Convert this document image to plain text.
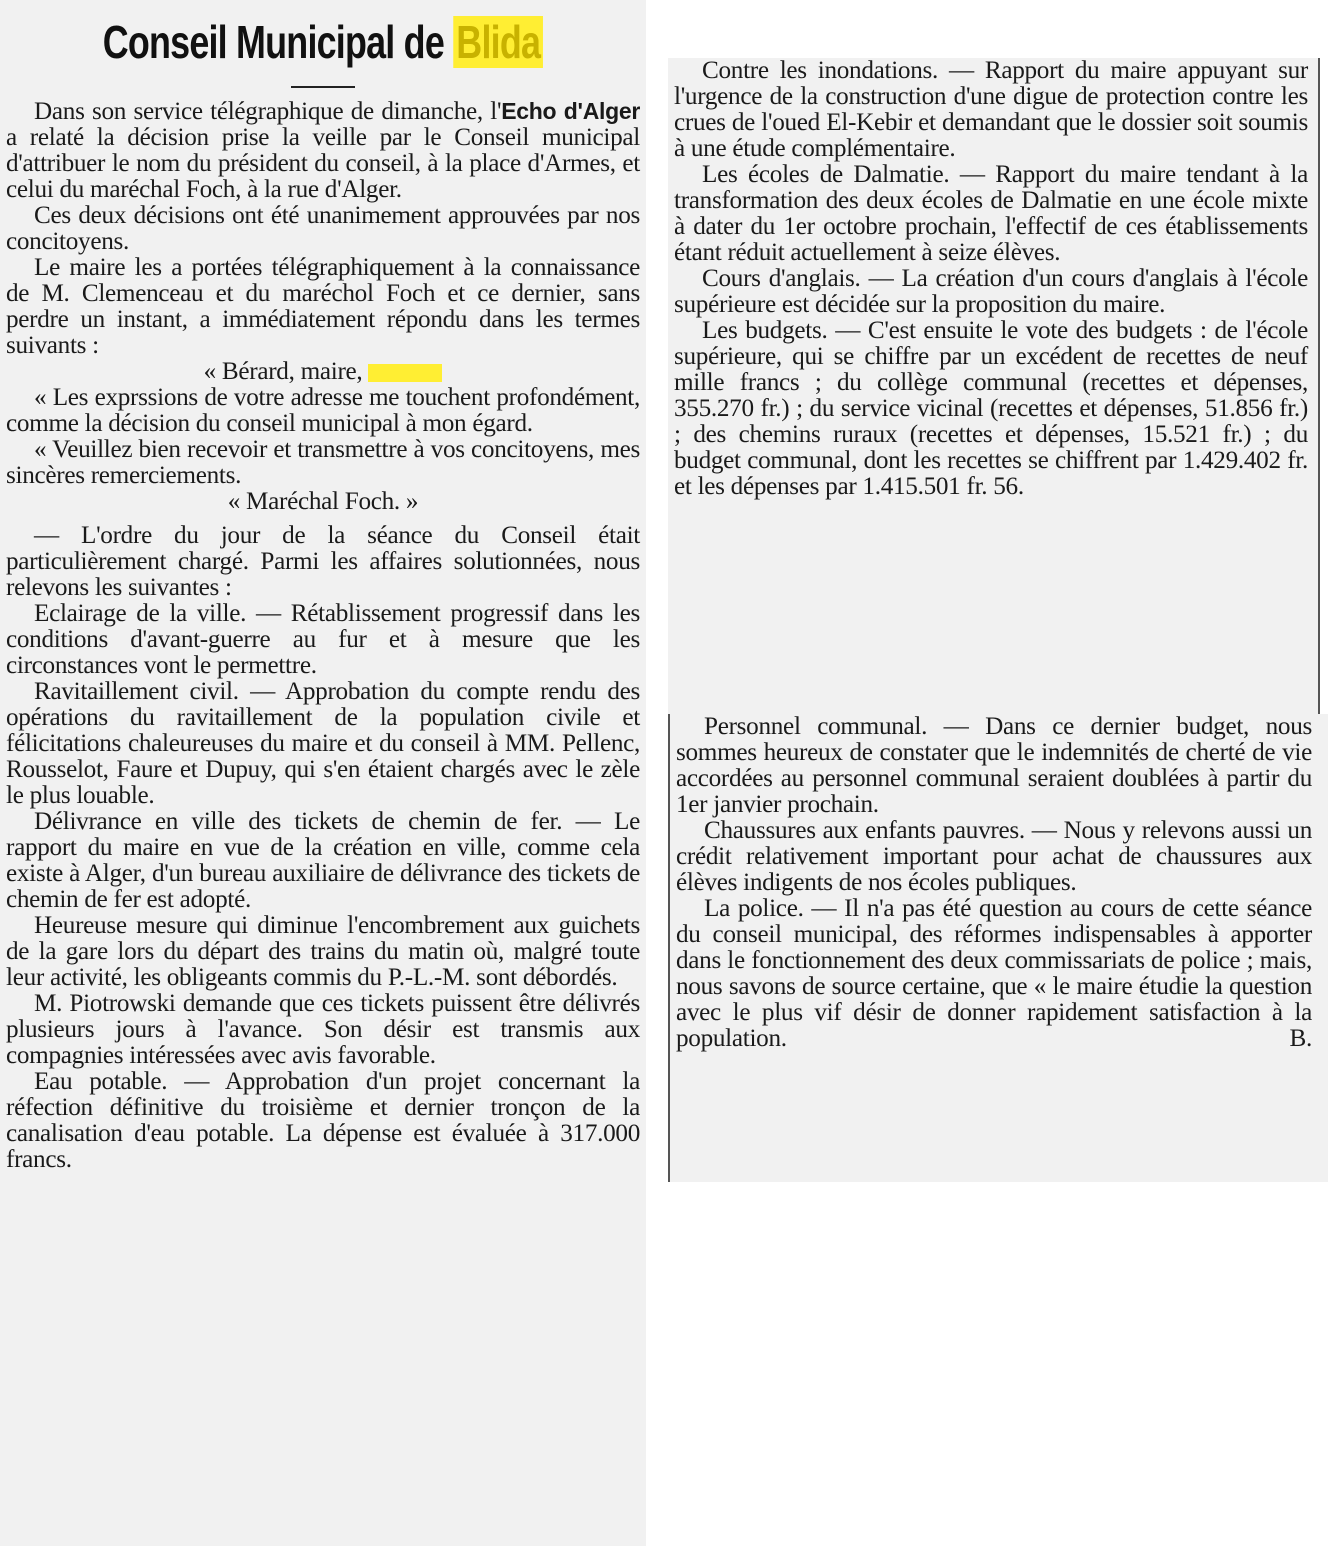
Conseil Municipal de Blida

Dans son service télégraphique de dimanche, l'Echo d'Alger a relaté la décision prise la veille par le Conseil municipal d'attribuer le nom du président du conseil, à la place d'Armes, et celui du maréchal Foch, à la rue d'Alger.

Ces deux décisions ont été unanimement approuvées par nos concitoyens.

Le maire les a portées télégraphiquement à la connaissance de M. Clemenceau et du maréchol Foch et ce dernier, sans perdre un instant, a immédiatement répondu dans les termes suivants :

« Bérard, maire,

« Les exprssions de votre adresse me touchent profondément, comme la décision du conseil municipal à mon égard.

« Veuillez bien recevoir et transmettre à vos concitoyens, mes sincères remerciements.

« Maréchal Foch. »

— L'ordre du jour de la séance du Conseil était particulièrement chargé. Parmi les affaires solutionnées, nous relevons les suivantes :

Eclairage de la ville. — Rétablissement progressif dans les conditions d'avant-guerre au fur et à mesure que les circonstances vont le permettre.

Ravitaillement civil. — Approbation du compte rendu des opérations du ravitaillement de la population civile et félicitations chaleureuses du maire et du conseil à MM. Pellenc, Rousselot, Faure et Dupuy, qui s'en étaient chargés avec le zèle le plus louable.

Délivrance en ville des tickets de chemin de fer. — Le rapport du maire en vue de la création en ville, comme cela existe à Alger, d'un bureau auxiliaire de délivrance des tickets de chemin de fer est adopté.

Heureuse mesure qui diminue l'encombrement aux guichets de la gare lors du départ des trains du matin où, malgré toute leur activité, les obligeants commis du P.-L.-M. sont débordés.

M. Piotrowski demande que ces tickets puissent être délivrés plusieurs jours à l'avance. Son désir est transmis aux compagnies intéressées avec avis favorable.

Eau potable. — Approbation d'un projet concernant la réfection définitive du troisième et dernier tronçon de la canalisation d'eau potable. La dépense est évaluée à 317.000 francs.

Contre les inondations. — Rapport du maire appuyant sur l'urgence de la construction d'une digue de protection contre les crues de l'oued El-Kebir et demandant que le dossier soit soumis à une étude complémentaire.

Les écoles de Dalmatie. — Rapport du maire tendant à la transformation des deux écoles de Dalmatie en une école mixte à dater du 1er octobre prochain, l'effectif de ces établissements étant réduit actuellement à seize élèves.

Cours d'anglais. — La création d'un cours d'anglais à l'école supérieure est décidée sur la proposition du maire.

Les budgets. — C'est ensuite le vote des budgets : de l'école supérieure, qui se chiffre par un excédent de recettes de neuf mille francs ; du collège communal (recettes et dépenses, 355.270 fr.) ; du service vicinal (recettes et dépenses, 51.856 fr.) ; des chemins ruraux (recettes et dépenses, 15.521 fr.) ; du budget communal, dont les recettes se chiffrent par 1.429.402 fr. et les dépenses par 1.415.501 fr. 56.

Personnel communal. — Dans ce dernier budget, nous sommes heureux de constater que le indemnités de cherté de vie accordées au personnel communal seraient doublées à partir du 1er janvier prochain.

Chaussures aux enfants pauvres. — Nous y relevons aussi un crédit relativement important pour achat de chaussures aux élèves indigents de nos écoles publiques.

La police. — Il n'a pas été question au cours de cette séance du conseil municipal, des réformes indispensables à apporter dans le fonctionnement des deux commissariats de police ; mais, nous savons de source certaine, que « le maire étudie la question avec le plus vif désir de donner rapidement satisfaction à la population.	B.
